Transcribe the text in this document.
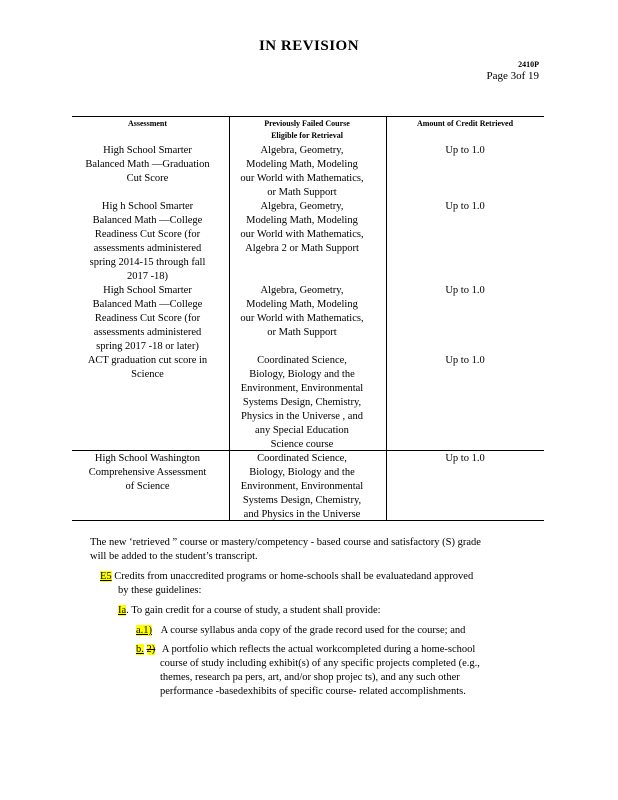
IN REVISION
2410P
Page 3of 19
Assessment	Previously Failed Course
Eligible for Retrieval
Amount of Credit Retrieved
High School Smarter
Balanced Math —Graduation
Cut Score
Algebra, Geometry,
Modeling Math, Modeling
our World with Mathematics,
or Math Support
Up to 1.0
Hig h School Smarter
Balanced Math —College
Readiness Cut Score (for
assessments administered
spring 2014-15 through fall
2017 -18)
Algebra, Geometry,
Modeling Math, Modeling
our World with Mathematics,
Algebra 2 or Math Support
Up to 1.0
High School Smarter
Balanced Math —College
Readiness Cut Score (for
assessments administered
spring 2017 -18 or later)
Algebra, Geometry,
Modeling Math, Modeling
our World with Mathematics,
or Math Support
Up to 1.0
ACT graduation cut score in
Science
Coordinated Science,
Biology, Biology and the
Environment, Environmental
Systems Design, Chemistry,
Physics in the Universe , and
any Special Education
Science course
Up to 1.0
High School Washington
Comprehensive Assessment
of Science
Coordinated Science,
Biology, Biology and the
Environment, Environmental
Systems Design, Chemistry,
and Physics in the Universe
Up to 1.0
The new ‘retrieved ” course or mastery/competency - based course and satisfactory (S) grade
will be added to the student’s transcript.
E5 Credits from unaccredited programs or home-schools shall be evaluatedand approved
by these guidelines:
Ia. To gain credit for a course of study, a student shall provide:
a.1) A course syllabus anda copy of the grade record used for the course; and
b. 2) A portfolio which reflects the actual workcompleted during a home-school
course of study including exhibit(s) of any specific projects completed (e.g.,
themes, research pa pers, art, and/or shop projec ts), and any such other
performance -basedexhibits of specific course- related accomplishments.
